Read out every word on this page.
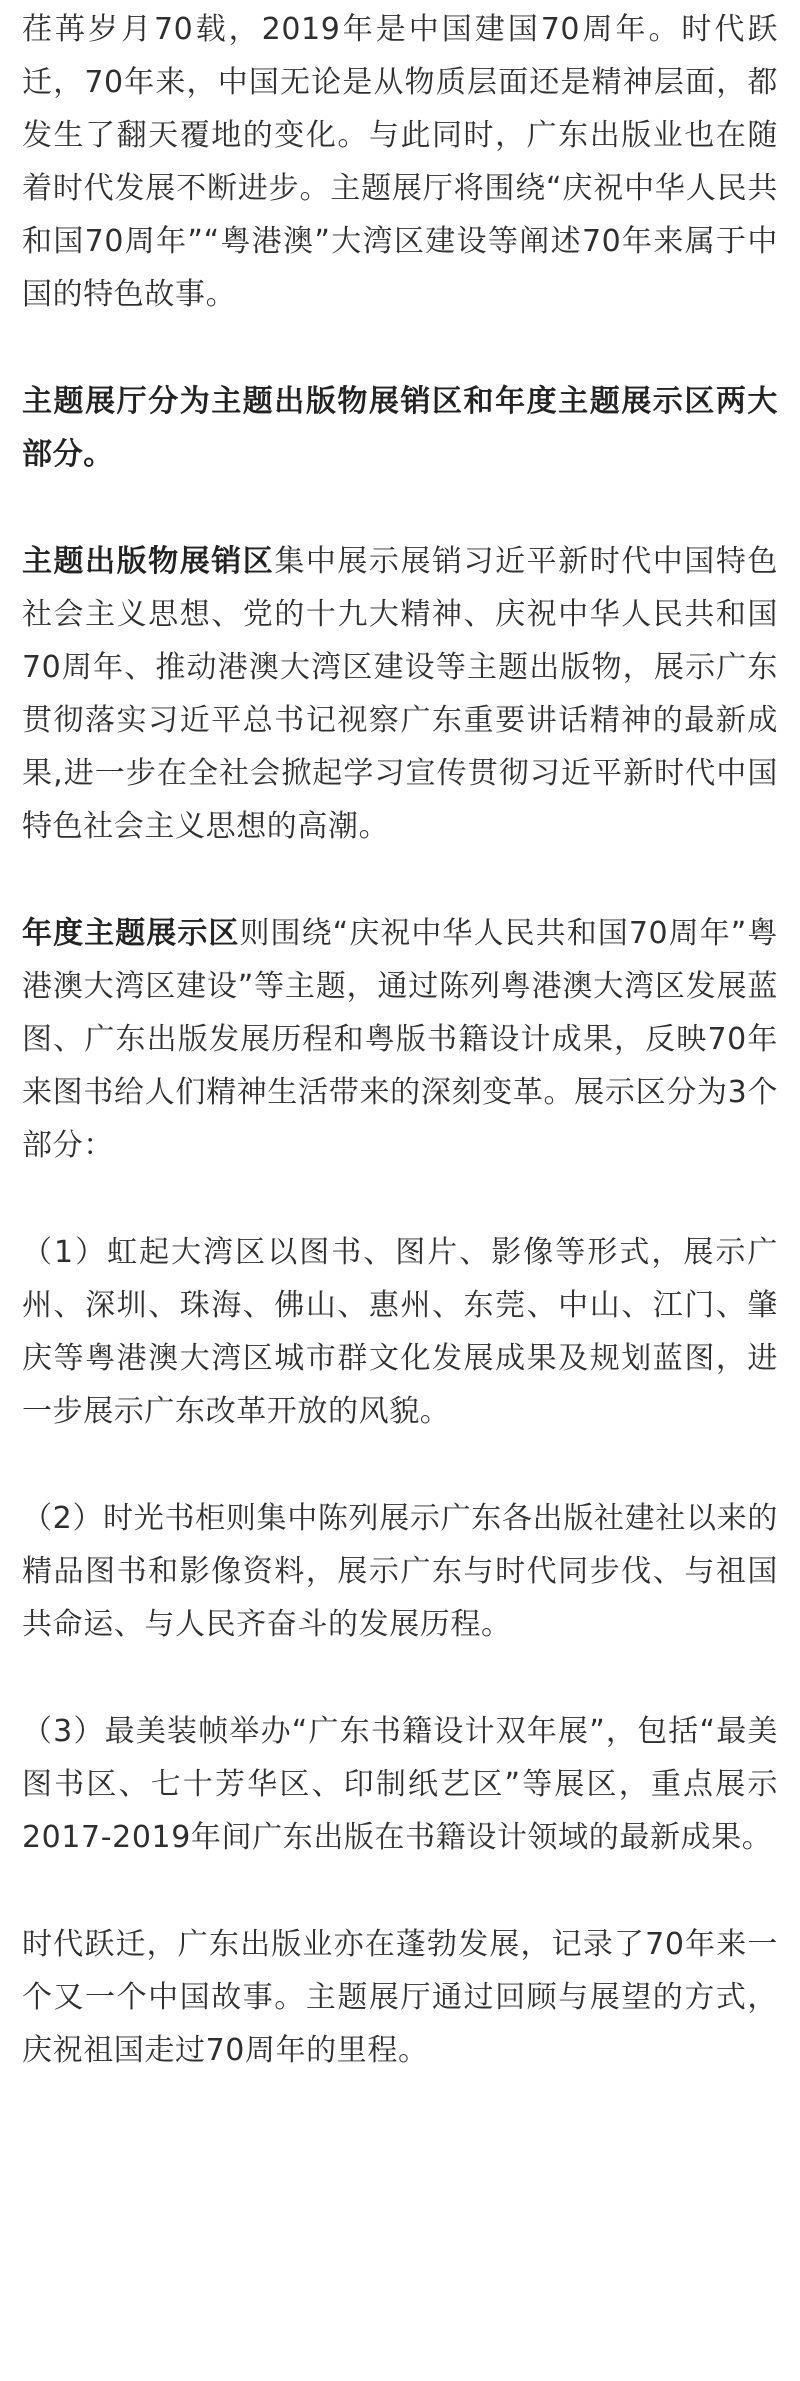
荏苒岁月70载，2019年是中国建国70周年。时代跃迁，70年来，中国无论是从物质层面还是精神层面，都发生了翻天覆地的变化。与此同时，广东出版业也在随着时代发展不断进步。主题展厅将围绕“庆祝中华人民共和国70周年”“粤港澳”大湾区建设等阐述70年来属于中国的特色故事。

主题展厅分为主题出版物展销区和年度主题展示区两大部分。

主题出版物展销区集中展示展销习近平新时代中国特色社会主义思想、党的十九大精神、庆祝中华人民共和国70周年、推动港澳大湾区建设等主题出版物，展示广东贯彻落实习近平总书记视察广东重要讲话精神的最新成果,进一步在全社会掀起学习宣传贯彻习近平新时代中国特色社会主义思想的高潮。

年度主题展示区则围绕“庆祝中华人民共和国70周年”粤港澳大湾区建设”等主题，通过陈列粤港澳大湾区发展蓝图、广东出版发展历程和粤版书籍设计成果，反映70年来图书给人们精神生活带来的深刻变革。展示区分为3个部分：

（1）虹起大湾区以图书、图片、影像等形式，展示广州、深圳、珠海、佛山、惠州、东莞、中山、江门、肇庆等粤港澳大湾区城市群文化发展成果及规划蓝图，进一步展示广东改革开放的风貌。

（2）时光书柜则集中陈列展示广东各出版社建社以来的精品图书和影像资料，展示广东与时代同步伐、与祖国共命运、与人民齐奋斗的发展历程。

（3）最美装帧举办“广东书籍设计双年展”，包括“最美图书区、七十芳华区、印制纸艺区”等展区，重点展示2017-2019年间广东出版在书籍设计领域的最新成果。

时代跃迁，广东出版业亦在蓬勃发展，记录了70年来一个又一个中国故事。主题展厅通过回顾与展望的方式，庆祝祖国走过70周年的里程。
